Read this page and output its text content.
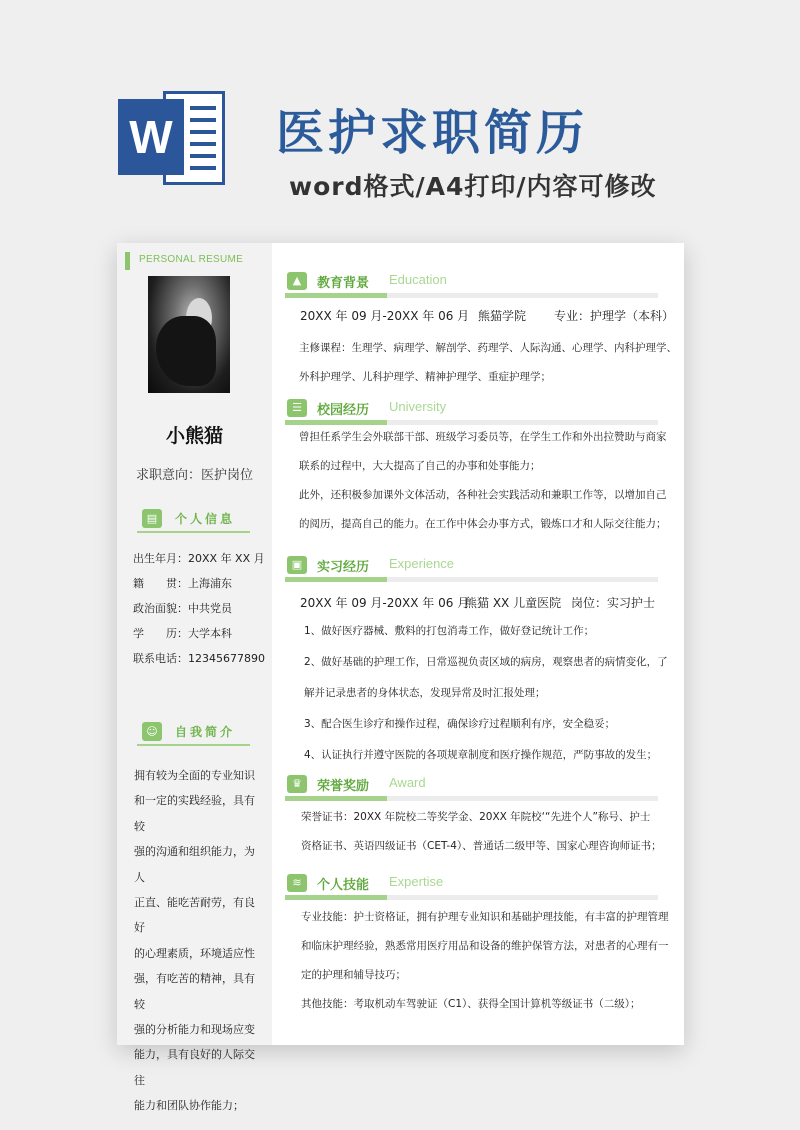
W 医护求职简历
word格式/A4打印/内容可修改
PERSONAL RESUME
小熊猫
求职意向：医护岗位
▤	个人信息
出生年月：20XX 年 XX 月
籍　　贯：上海浦东
政治面貌：中共党员
学　　历：大学本科
联系电话：12345677890
☺	自我简介
拥有较为全面的专业知识
和一定的实践经验，具有较
强的沟通和组织能力，为人
正直、能吃苦耐劳，有良好
的心理素质，环境适应性
强，有吃苦的精神，具有较
强的分析能力和现场应变
能力，具有良好的人际交往
能力和团队协作能力；
▲	教育背景 Education
20XX 年 09 月-20XX 年 06 月 熊猫学院 专业：护理学（本科）
主修课程：生理学、病理学、解剖学、药理学、人际沟通、心理学、内科护理学、
外科护理学、儿科护理学、精神护理学、重症护理学；
☰	校园经历 University
曾担任系学生会外联部干部、班级学习委员等，在学生工作和外出拉赞助与商家
联系的过程中，大大提高了自己的办事和处事能力；
此外，还积极参加课外文体活动，各种社会实践活动和兼职工作等，以增加自己
的阅历，提高自己的能力。在工作中体会办事方式，锻炼口才和人际交往能力；
▣	实习经历 Experience
20XX 年 09 月-20XX 年 06 月
熊猫 XX 儿童医院 岗位：实习护士
1、做好医疗器械、敷料的打包消毒工作，做好登记统计工作；
2、做好基础的护理工作，日常巡视负责区域的病房，观察患者的病情变化，了
解并记录患者的身体状态，发现异常及时汇报处理；
3、配合医生诊疗和操作过程，确保诊疗过程顺利有序，安全稳妥；
4、认证执行并遵守医院的各项规章制度和医疗操作规范，严防事故的发生；
♛	荣誉奖励 Award
荣誉证书：20XX 年院校二等奖学金、20XX 年院校‘“先进个人”称号、护士
资格证书、英语四级证书（CET-4）、普通话二级甲等、国家心理咨询师证书；
≋	个人技能 Expertise
专业技能：护士资格证，拥有护理专业知识和基础护理技能，有丰富的护理管理
和临床护理经验，熟悉常用医疗用品和设备的维护保管方法，对患者的心理有一
定的护理和辅导技巧；
其他技能：考取机动车驾驶证（C1）、获得全国计算机等级证书（二级）；
